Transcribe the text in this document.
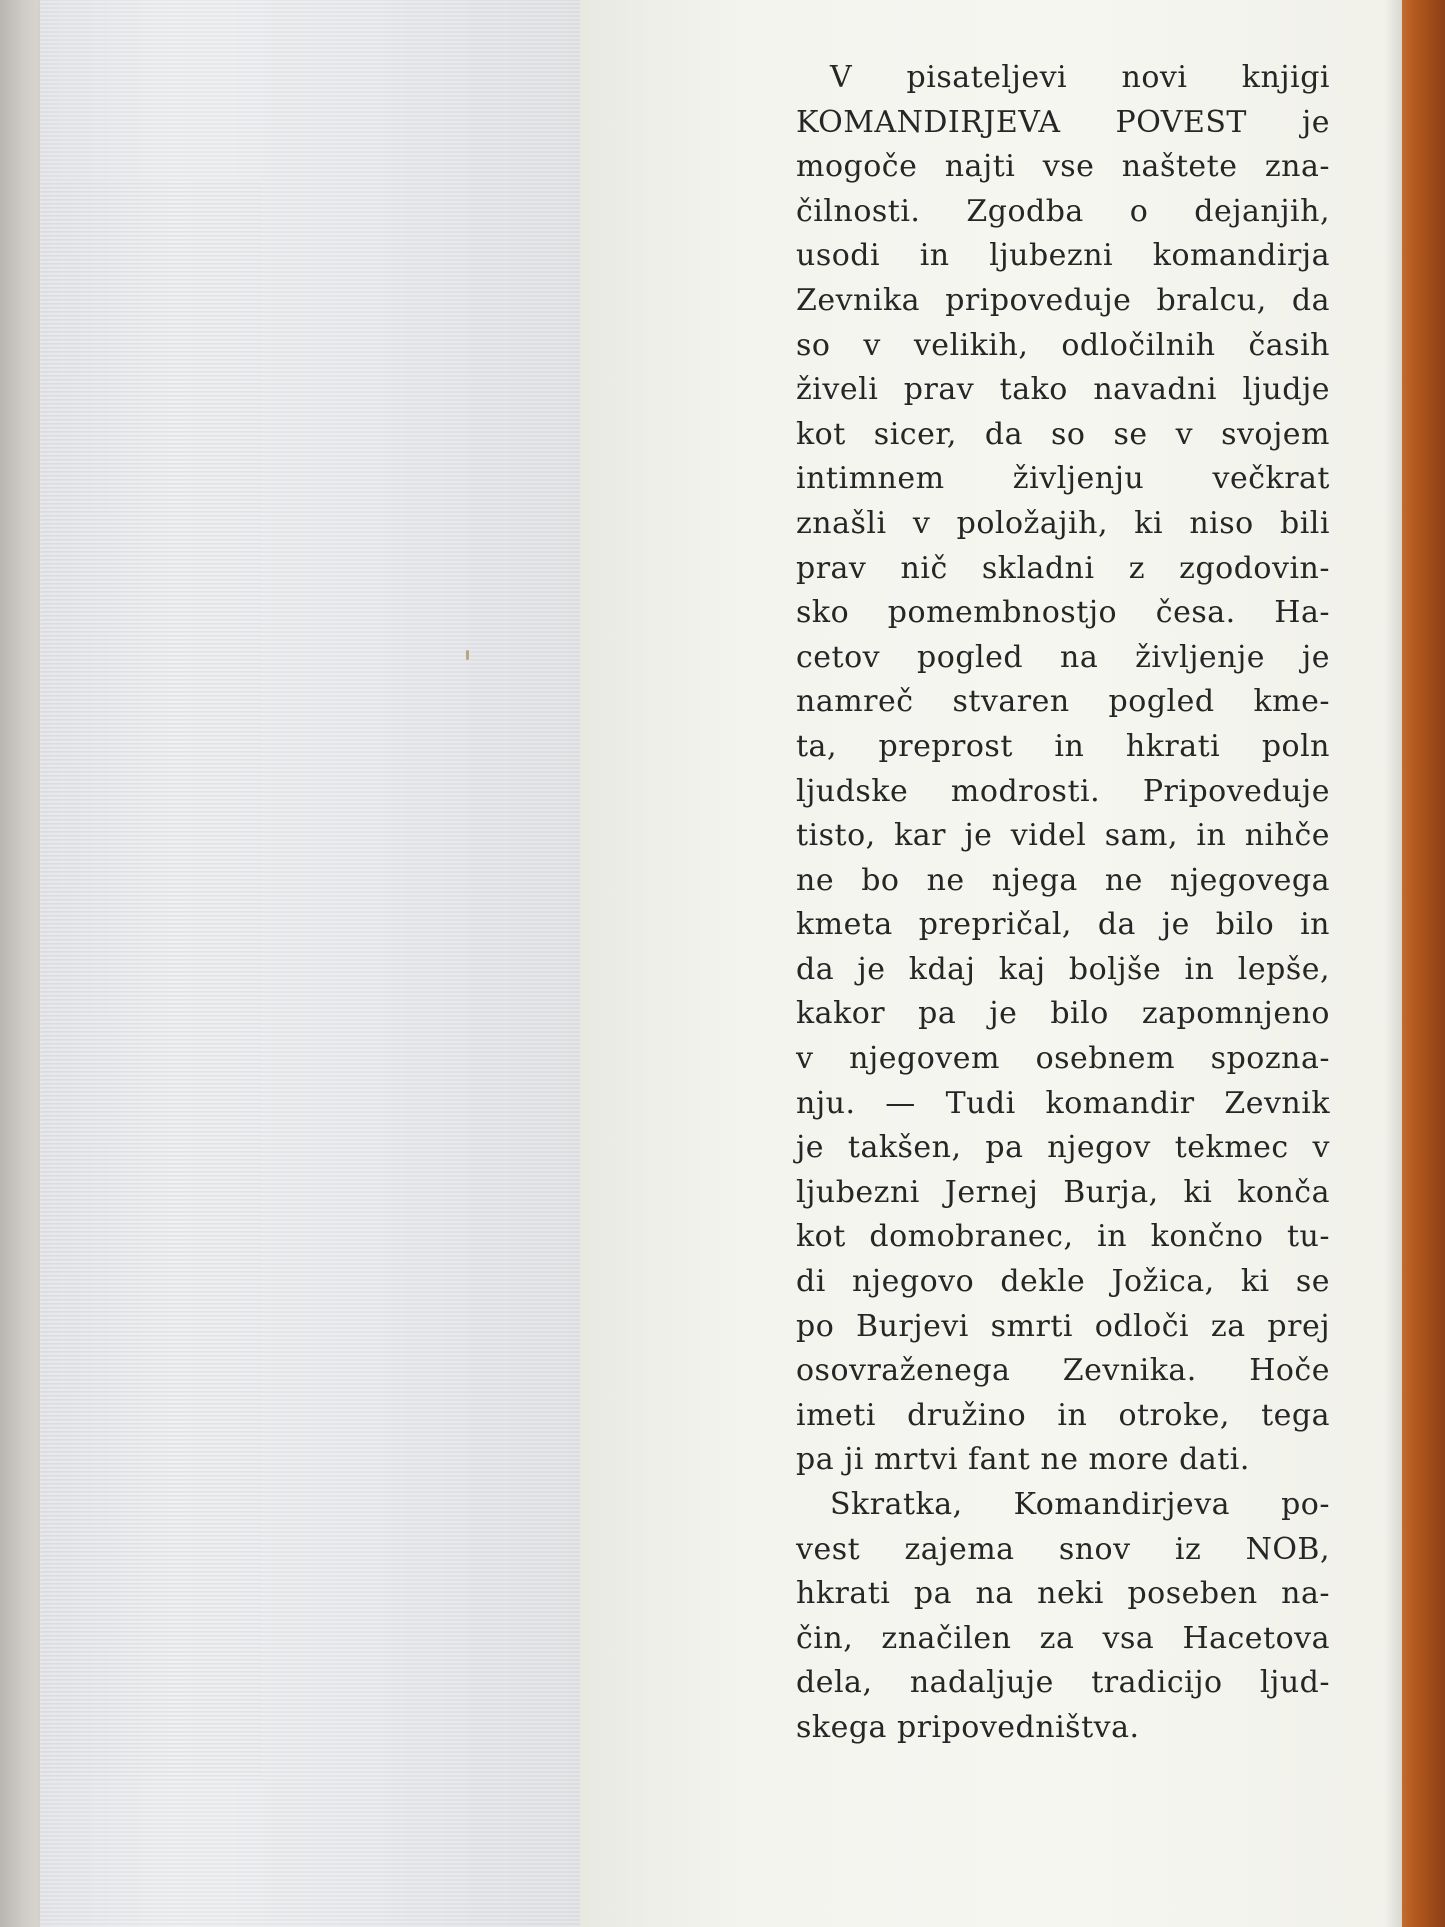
V pisateljevi novi knjigi
KOMANDIRJEVA POVEST je
mogoče najti vse naštete zna-
čilnosti. Zgodba o dejanjih,
usodi in ljubezni komandirja
Zevnika pripoveduje bralcu, da
so v velikih, odločilnih časih
živeli prav tako navadni ljudje
kot sicer, da so se v svojem
intimnem življenju večkrat
znašli v položajih, ki niso bili
prav nič skladni z zgodovin-
sko pomembnostjo česa. Ha-
cetov pogled na življenje je
namreč stvaren pogled kme-
ta, preprost in hkrati poln
ljudske modrosti. Pripoveduje
tisto, kar je videl sam, in nihče
ne bo ne njega ne njegovega
kmeta prepričal, da je bilo in
da je kdaj kaj boljše in lepše,
kakor pa je bilo zapomnjeno
v njegovem osebnem spozna-
nju. — Tudi komandir Zevnik
je takšen, pa njegov tekmec v
ljubezni Jernej Burja, ki konča
kot domobranec, in končno tu-
di njegovo dekle Jožica, ki se
po Burjevi smrti odloči za prej
osovraženega Zevnika. Hoče
imeti družino in otroke, tega
pa ji mrtvi fant ne more dati.
Skratka, Komandirjeva po-
vest zajema snov iz NOB,
hkrati pa na neki poseben na-
čin, značilen za vsa Hacetova
dela, nadaljuje tradicijo ljud-
skega pripovedništva.
